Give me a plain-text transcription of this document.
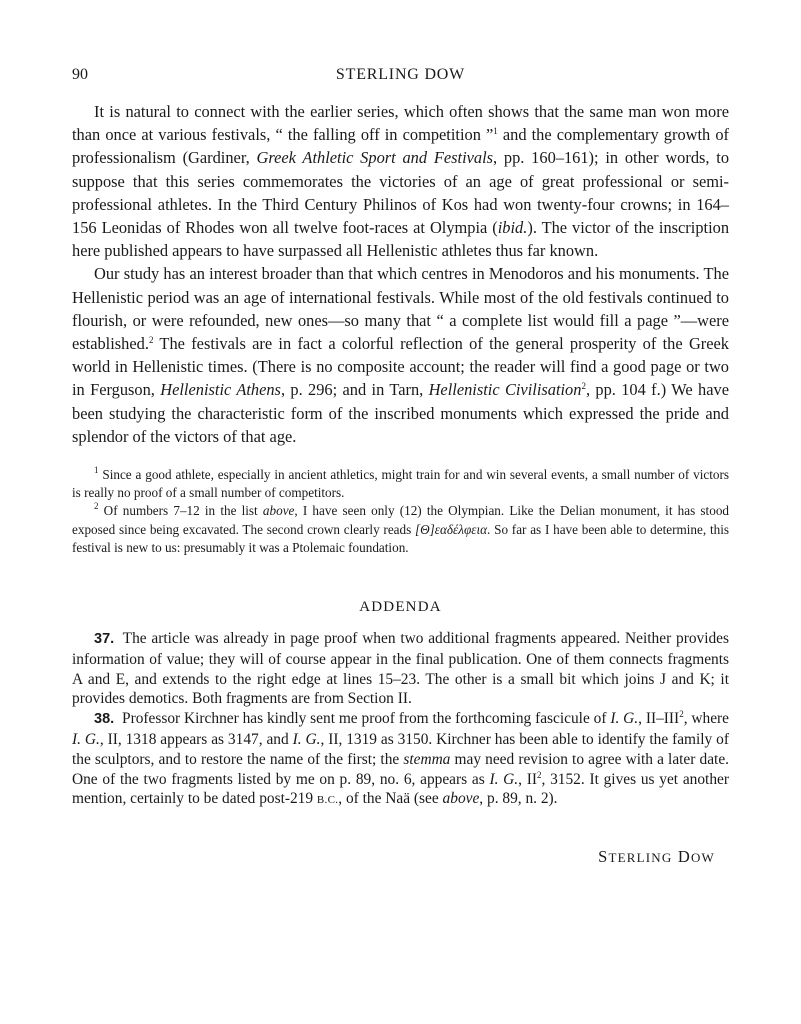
90	STERLING DOW

It is natural to connect with the earlier series, which often shows that the same man won more than once at various festivals, “ the falling off in competition ”$^1$ and the complementary growth of professionalism (Gardiner, Greek Athletic Sport and Festivals, pp. 160–161); in other words, to suppose that this series commemorates the victories of an age of great professional or semi-professional athletes. In the Third Century Philinos of Kos had won twenty-four crowns; in 164–156 Leonidas of Rhodes won all twelve foot-races at Olympia (ibid.). The victor of the inscription here published appears to have surpassed all Hellenistic athletes thus far known.

Our study has an interest broader than that which centres in Menodoros and his monuments. The Hellenistic period was an age of international festivals. While most of the old festivals continued to flourish, or were refounded, new ones—so many that “ a complete list would fill a page ”—were established.$^2$ The festivals are in fact a colorful reflection of the general prosperity of the Greek world in Hellenistic times. (There is no composite account; the reader will find a good page or two in Ferguson, Hellenistic Athens, p. 296; and in Tarn, Hellenistic Civilisation$^2$, pp. 104 f.) We have been studying the characteristic form of the inscribed monuments which expressed the pride and splendor of the victors of that age.

$^1$ Since a good athlete, especially in ancient athletics, might train for and win several events, a small number of victors is really no proof of a small number of competitors.

$^2$ Of numbers 7–12 in the list above, I have seen only (12) the Olympian. Like the Delian monument, it has stood exposed since being excavated. The second crown clearly reads [Θ]εαδέλφεια. So far as I have been able to determine, this festival is new to us: presumably it was a Ptolemaic foundation.

ADDENDA

37. The article was already in page proof when two additional fragments appeared. Neither provides information of value; they will of course appear in the final publication. One of them connects fragments A and E, and extends to the right edge at lines 15–23. The other is a small bit which joins J and K; it provides demotics. Both fragments are from Section II.

38. Professor Kirchner has kindly sent me proof from the forthcoming fascicule of I. G., II–III$^2$, where I. G., II, 1318 appears as 3147, and I. G., II, 1319 as 3150. Kirchner has been able to identify the family of the sculptors, and to restore the name of the first; the stemma may need revision to agree with a later date. One of the two fragments listed by me on p. 89, no. 6, appears as I. G., $II^2$, 3152. It gives us yet another mention, certainly to be dated post-219 B.C., of the Naä (see above, p. 89, n. 2).

STERLING DOW
